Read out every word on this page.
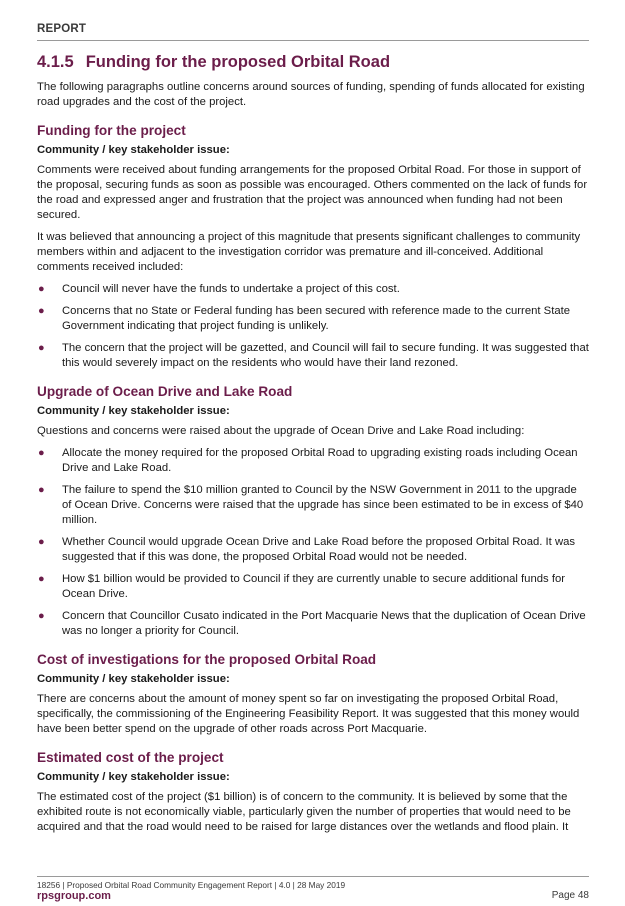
REPORT
4.1.5 Funding for the proposed Orbital Road

The following paragraphs outline concerns around sources of funding, spending of funds allocated for existing road upgrades and the cost of the project.

Funding for the project
Community / key stakeholder issue:

Comments were received about funding arrangements for the proposed Orbital Road. For those in support of the proposal, securing funds as soon as possible was encouraged. Others commented on the lack of funds for the road and expressed anger and frustration that the project was announced when funding had not been secured.

It was believed that announcing a project of this magnitude that presents significant challenges to community members within and adjacent to the investigation corridor was premature and ill-conceived. Additional comments received included:

● Council will never have the funds to undertake a project of this cost.
● Concerns that no State or Federal funding has been secured with reference made to the current State Government indicating that project funding is unlikely.
● The concern that the project will be gazetted, and Council will fail to secure funding. It was suggested that this would severely impact on the residents who would have their land rezoned.
Upgrade of Ocean Drive and Lake Road
Community / key stakeholder issue:

Questions and concerns were raised about the upgrade of Ocean Drive and Lake Road including:

● Allocate the money required for the proposed Orbital Road to upgrading existing roads including Ocean Drive and Lake Road.
● The failure to spend the $10 million granted to Council by the NSW Government in 2011 to the upgrade of Ocean Drive. Concerns were raised that the upgrade has since been estimated to be in excess of $40 million.
● Whether Council would upgrade Ocean Drive and Lake Road before the proposed Orbital Road. It was suggested that if this was done, the proposed Orbital Road would not be needed.
● How $1 billion would be provided to Council if they are currently unable to secure additional funds for Ocean Drive.
● Concern that Councillor Cusato indicated in the Port Macquarie News that the duplication of Ocean Drive was no longer a priority for Council.
Cost of investigations for the proposed Orbital Road
Community / key stakeholder issue:

There are concerns about the amount of money spent so far on investigating the proposed Orbital Road, specifically, the commissioning of the Engineering Feasibility Report. It was suggested that this money would have been better spend on the upgrade of other roads across Port Macquarie.

Estimated cost of the project
Community / key stakeholder issue:

The estimated cost of the project ($1 billion) is of concern to the community. It is believed by some that the exhibited route is not economically viable, particularly given the number of properties that would need to be acquired and that the road would need to be raised for large distances over the wetlands and flood plain. It

18256 | Proposed Orbital Road Community Engagement Report | 4.0 | 28 May 2019
rpsgroup.com	Page 48
